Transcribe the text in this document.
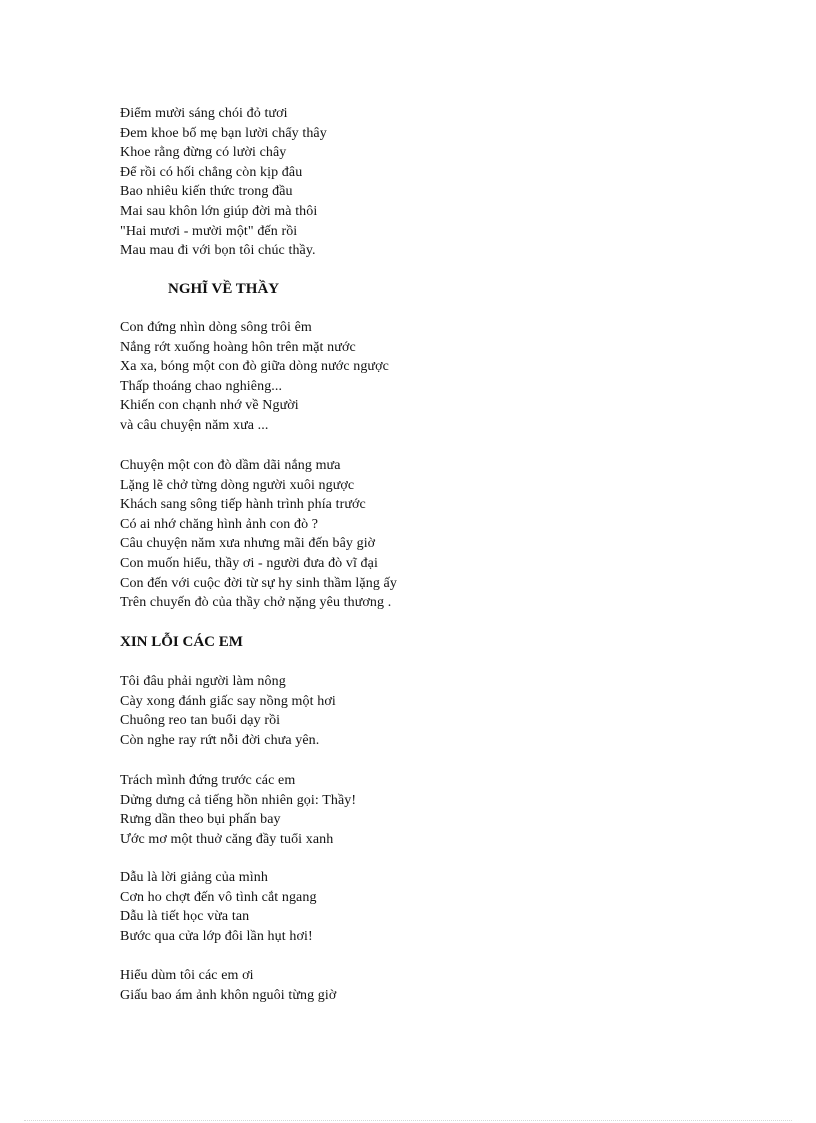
Điểm mười sáng chói đỏ tươi
Đem khoe bố mẹ bạn lười chẩy thây
Khoe rằng đừng có lười chây
Để rồi có hối chẳng còn kịp đâu
Bao nhiêu kiến thức trong đầu
Mai sau khôn lớn giúp đời mà thôi
"Hai mươi - mười một" đến rồi
Mau mau đi với bọn tôi chúc thầy.
NGHĨ VỀ THẦY
Con đứng nhìn dòng sông trôi êm
Nắng rớt xuống hoàng hôn trên mặt nước
Xa xa, bóng một con đò giữa dòng nước ngược
Thấp thoáng chao nghiêng...
Khiến con chạnh nhớ về Người
và câu chuyện năm xưa ...
Chuyện một con đò dầm dãi nắng mưa
Lặng lẽ chở từng dòng người xuôi ngược
Khách sang sông tiếp hành trình phía trước
Có ai nhớ chăng hình ảnh con đò ?
Câu chuyện năm xưa nhưng mãi đến bây giờ
Con muốn hiểu, thầy ơi - người đưa đò vĩ đại
Con đến với cuộc đời từ sự hy sinh thầm lặng ấy
Trên chuyến đò của thầy chở nặng yêu thương .
XIN LỖI CÁC EM
Tôi đâu phải người làm nông
Cày xong đánh giấc say nồng một hơi
Chuông reo tan buổi dạy rồi
Còn nghe ray rứt nỗi đời chưa yên.
Trách mình đứng trước các em
Dửng dưng cả tiếng hồn nhiên gọi: Thầy!
Rưng dần theo bụi phấn bay
Ước mơ một thuở căng đầy tuổi xanh
Dẫu là lời giảng của mình
Cơn ho chợt đến vô tình cắt ngang
Dẫu là tiết học vừa tan
Bước qua cửa lớp đôi lần hụt hơi!
Hiểu dùm tôi các em ơi
Giấu bao ám ảnh khôn nguôi từng giờ
